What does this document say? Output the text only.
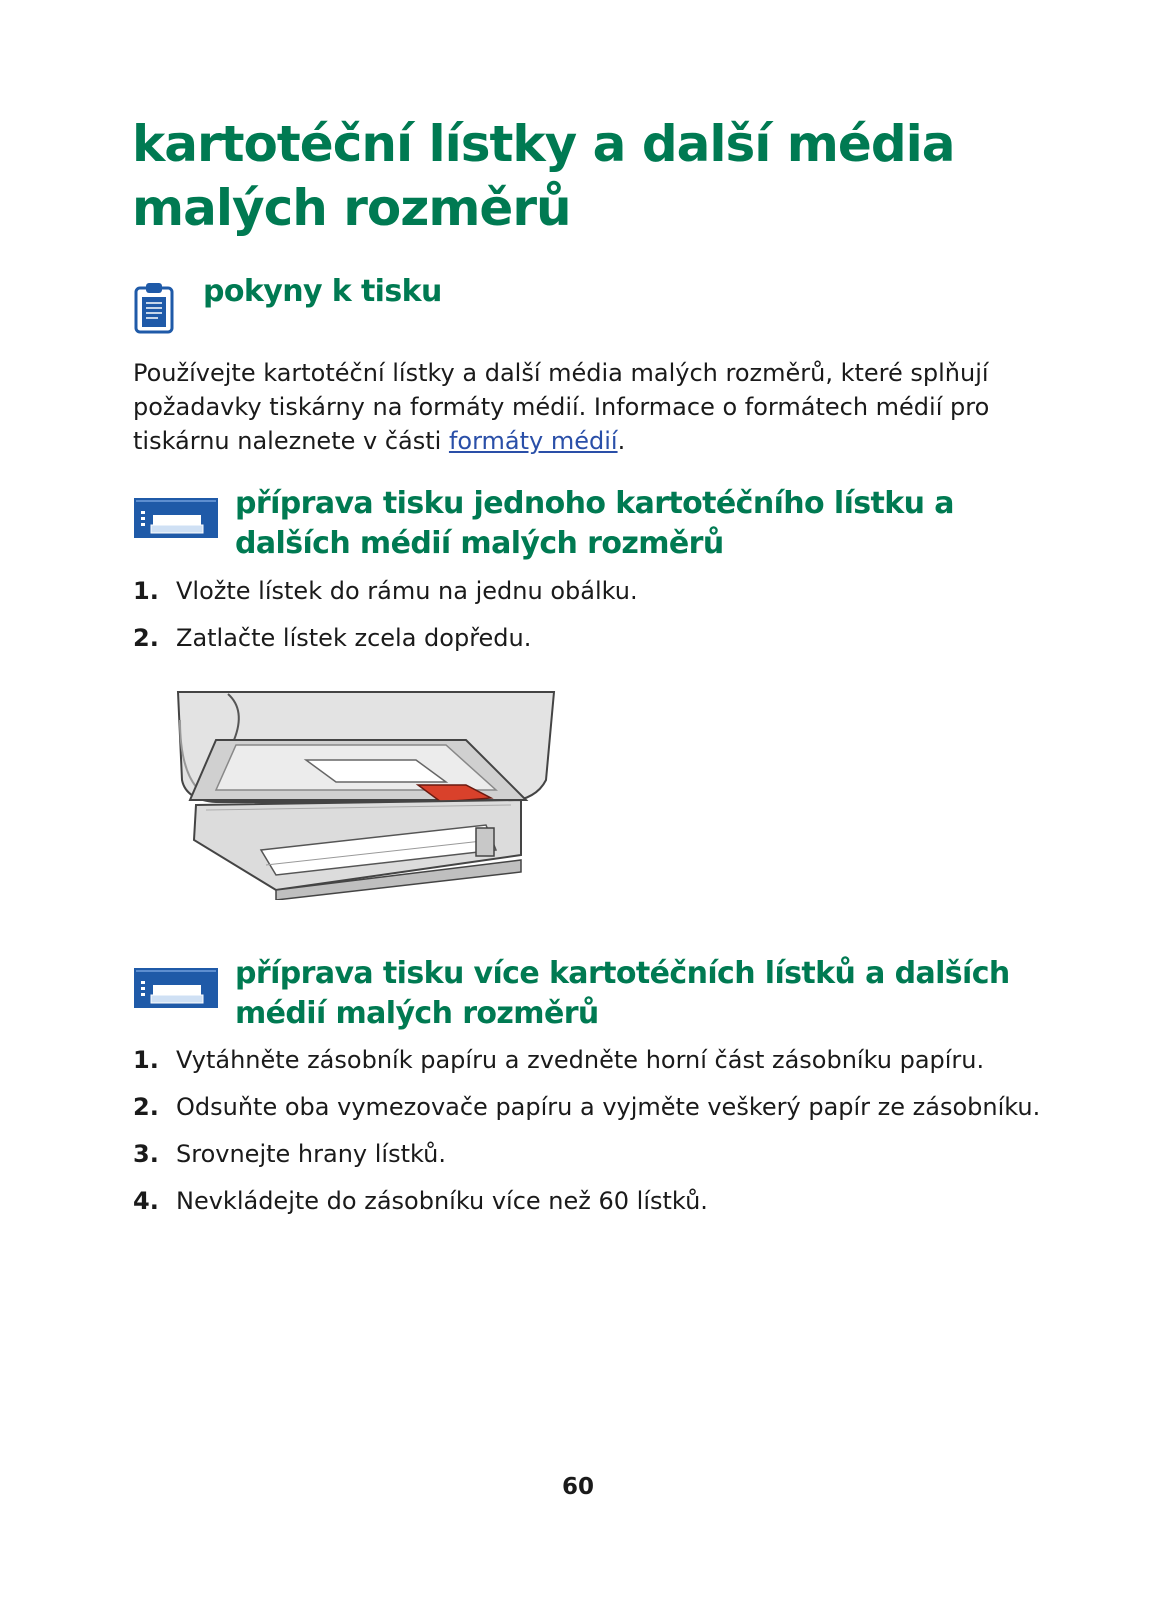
kartotéční lístky a další média malých rozměrů
pokyny k tisku

Používejte kartotéční lístky a další média malých rozměrů, které splňují požadavky tiskárny na formáty médií. Informace o formátech médií pro tiskárnu naleznete v části formáty médií.

příprava tisku jednoho kartotéčního lístku a dalších médií malých rozměrů
1. Vložte lístek do rámu na jednu obálku.
2. Zatlačte lístek zcela dopředu.
příprava tisku více kartotéčních lístků a dalších médií malých rozměrů
1. Vytáhněte zásobník papíru a zvedněte horní část zásobníku papíru.
2. Odsuňte oba vymezovače papíru a vyjměte veškerý papír ze zásobníku.
3. Srovnejte hrany lístků.
4. Nevkládejte do zásobníku více než 60 lístků.
60
